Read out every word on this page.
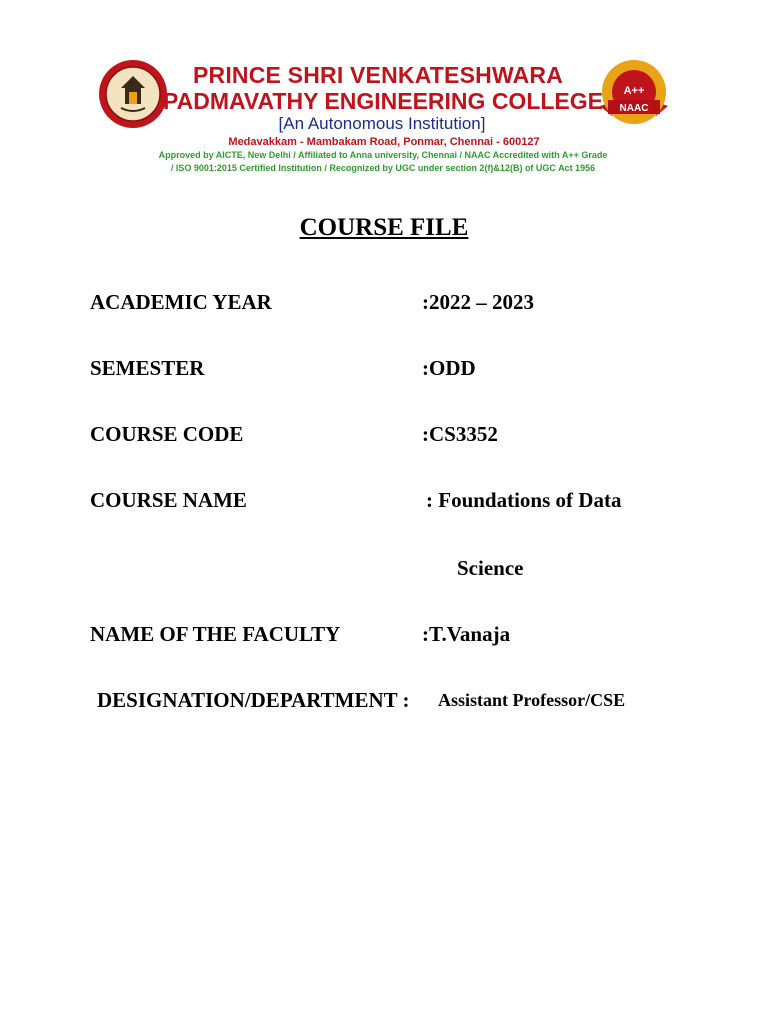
PRINCE SHRI VENKATESHWARA
PADMAVATHY ENGINEERING COLLEGE
[An Autonomous Institution]
Medavakkam - Mambakam Road, Ponmar, Chennai - 600127
Approved by AICTE, New Delhi / Affiliated to Anna university, Chennai / NAAC Accredited with A++ Grade
/ ISO 9001:2015 Certified Institution / Recognized by UGC under section 2(f)&12(B) of UGC Act 1956
A++
NAAC
COURSE FILE
ACADEMIC YEAR	:2022 – 2023
SEMESTER	:ODD
COURSE CODE	:CS3352
COURSE NAME	: Foundations of Data
Science
NAME OF THE FACULTY	:T.Vanaja
DESIGNATION/DEPARTMENT : Assistant Professor/CSE
